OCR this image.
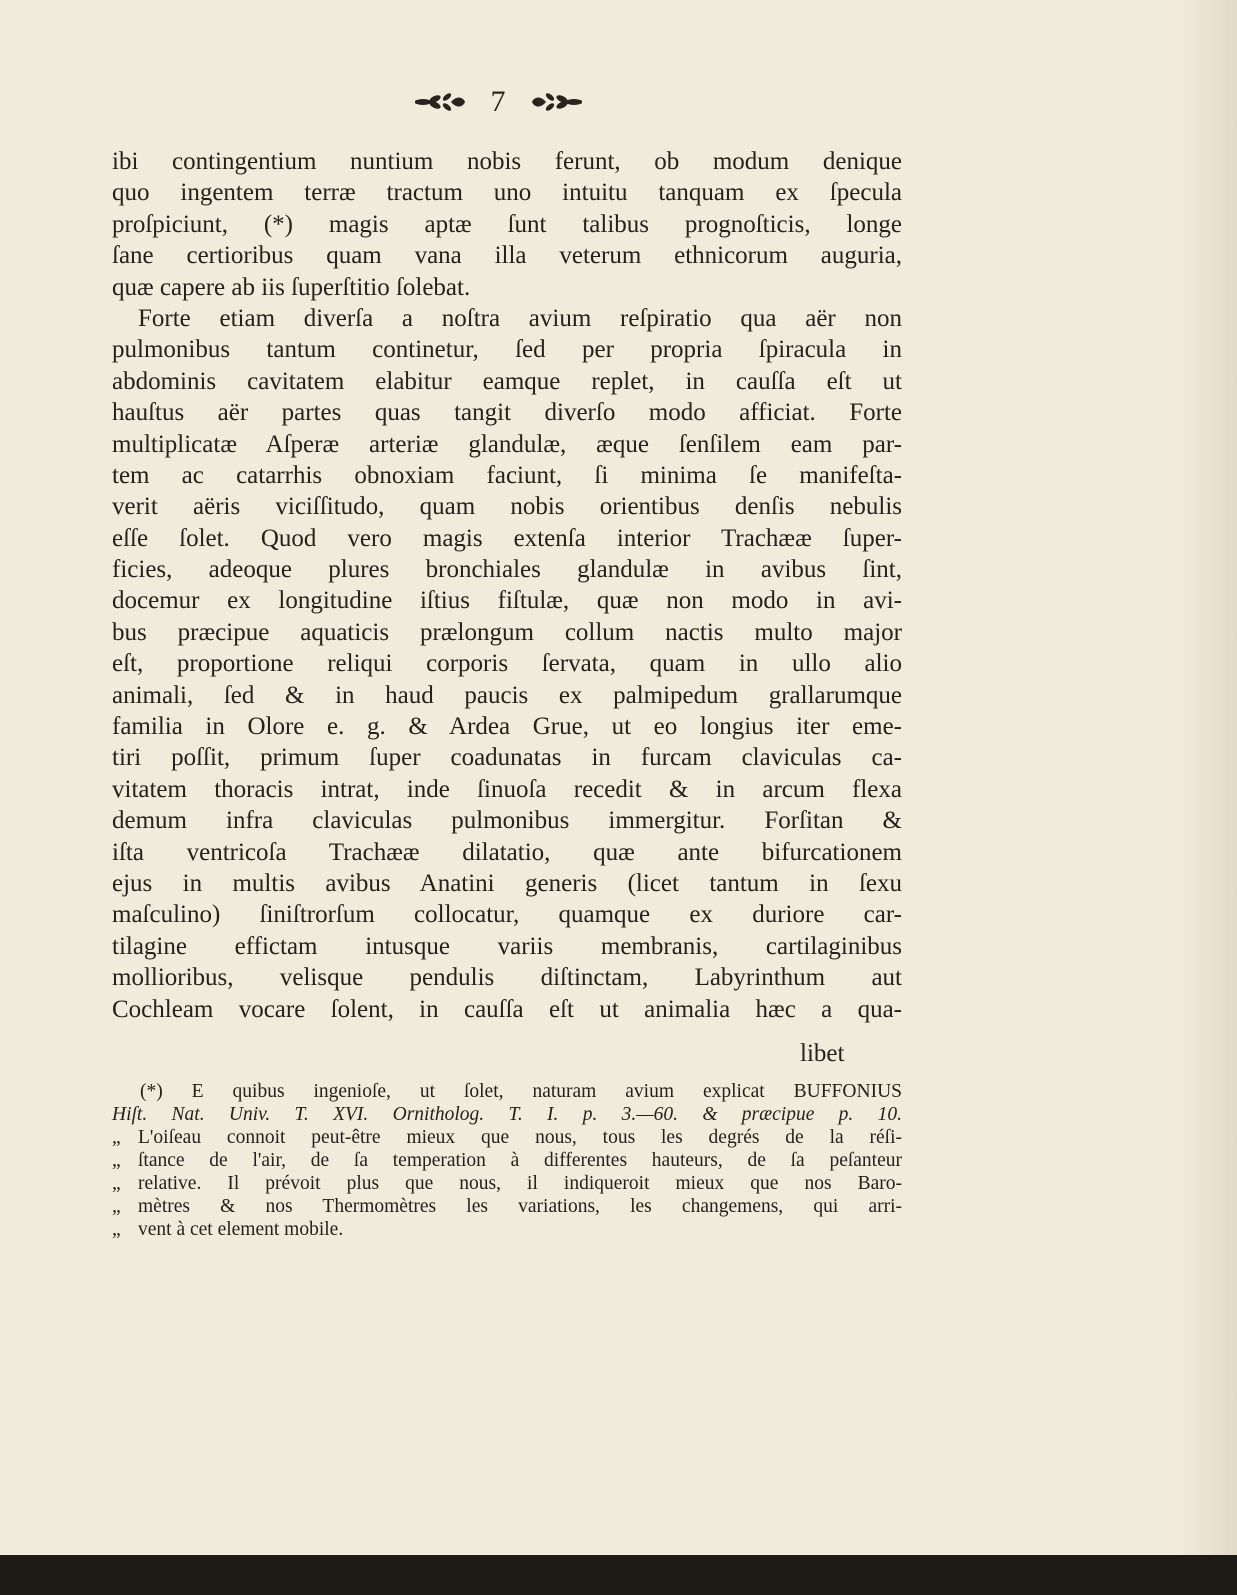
7
ibi contingentium nuntium nobis ferunt, ob modum denique
quo ingentem terræ tractum uno intuitu tanquam ex ſpecula
proſpiciunt, (*) magis aptæ ſunt talibus prognoſticis, longe
ſane certioribus quam vana illa veterum ethnicorum auguria,
quæ capere ab iis ſuperſtitio ſolebat.
Forte etiam diverſa a noſtra avium reſpiratio qua aër non
pulmonibus tantum continetur, ſed per propria ſpiracula in
abdominis cavitatem elabitur eamque replet, in cauſſa eſt ut
hauſtus aër partes quas tangit diverſo modo afficiat. Forte
multiplicatæ Aſperæ arteriæ glandulæ, æque ſenſilem eam par-
tem ac catarrhis obnoxiam faciunt, ſi minima ſe manifeſta-
verit aëris viciſſitudo, quam nobis orientibus denſis nebulis
eſſe ſolet. Quod vero magis extenſa interior Trachææ ſuper-
ficies, adeoque plures bronchiales glandulæ in avibus ſint,
docemur ex longitudine iſtius fiſtulæ, quæ non modo in avi-
bus præcipue aquaticis prælongum collum nactis multo major
eſt, proportione reliqui corporis ſervata, quam in ullo alio
animali, ſed & in haud paucis ex palmipedum grallarumque
familia in Olore e. g. & Ardea Grue, ut eo longius iter eme-
tiri poſſit, primum ſuper coadunatas in furcam claviculas ca-
vitatem thoracis intrat, inde ſinuoſa recedit & in arcum flexa
demum infra claviculas pulmonibus immergitur. Forſitan &
iſta ventricoſa Trachææ dilatatio, quæ ante bifurcationem
ejus in multis avibus Anatini generis (licet tantum in ſexu
maſculino) ſiniſtrorſum collocatur, quamque ex duriore car-
tilagine effictam intusque variis membranis, cartilaginibus
mollioribus, velisque pendulis diſtinctam, Labyrinthum aut
Cochleam vocare ſolent, in cauſſa eſt ut animalia hæc a qua-
libet
(*) E quibus ingenioſe, ut ſolet, naturam avium explicat BUFFONIUS
Hiſt. Nat. Univ. T. XVI. Ornitholog. T. I. p. 3.—60. & præcipue p. 10.
„ L'oiſeau connoit peut-être mieux que nous, tous les degrés de la réſi-
„ ſtance de l'air, de ſa temperation à differentes hauteurs, de ſa peſanteur
„ relative. Il prévoit plus que nous, il indiqueroit mieux que nos Baro-
„ mètres & nos Thermomètres les variations, les changemens, qui arri-
„ vent à cet element mobile.
